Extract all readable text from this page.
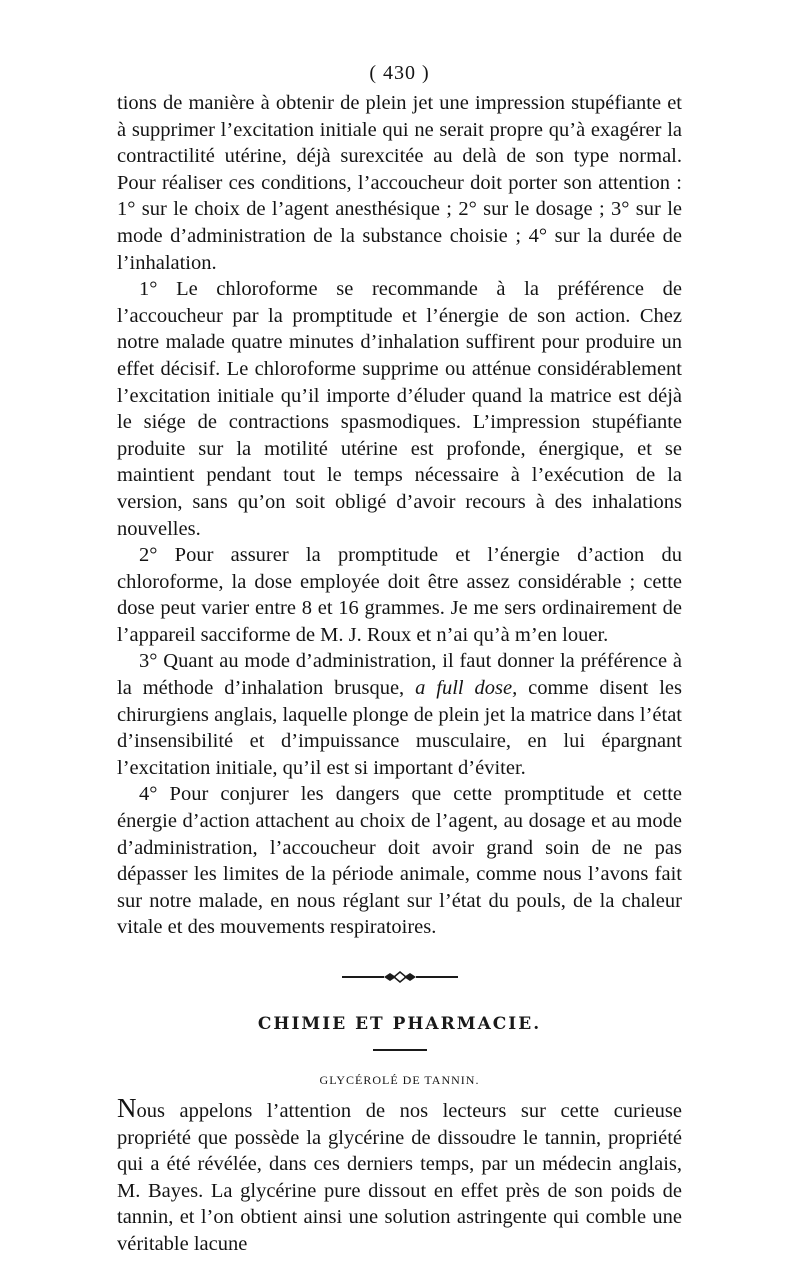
( 430 )

tions de manière à obtenir de plein jet une impression stupéfiante et à supprimer l’excitation initiale qui ne serait propre qu’à exagérer la contractilité utérine, déjà surexcitée au delà de son type normal. Pour réaliser ces conditions, l’accoucheur doit porter son attention : 1° sur le choix de l’agent anesthésique ; 2° sur le dosage ; 3° sur le mode d’administration de la substance choisie ; 4° sur la durée de l’inhalation.

1° Le chloroforme se recommande à la préférence de l’accoucheur par la promptitude et l’énergie de son action. Chez notre malade quatre minutes d’inhalation suffirent pour produire un effet décisif. Le chloroforme supprime ou atténue considérablement l’excitation initiale qu’il importe d’éluder quand la matrice est déjà le siége de contractions spasmodiques. L’impression stupéfiante produite sur la motilité utérine est profonde, énergique, et se maintient pendant tout le temps nécessaire à l’exécution de la version, sans qu’on soit obligé d’avoir recours à des inhalations nouvelles.

2° Pour assurer la promptitude et l’énergie d’action du chloroforme, la dose employée doit être assez considérable ; cette dose peut varier entre 8 et 16 grammes. Je me sers ordinairement de l’appareil sacciforme de M. J. Roux et n’ai qu’à m’en louer.

3° Quant au mode d’administration, il faut donner la préférence à la méthode d’inhalation brusque, a full dose, comme disent les chirurgiens anglais, laquelle plonge de plein jet la matrice dans l’état d’insensibilité et d’impuissance musculaire, en lui épargnant l’excitation initiale, qu’il est si important d’éviter.

4° Pour conjurer les dangers que cette promptitude et cette énergie d’action attachent au choix de l’agent, au dosage et au mode d’administration, l’accoucheur doit avoir grand soin de ne pas dépasser les limites de la période animale, comme nous l’avons fait sur notre malade, en nous réglant sur l’état du pouls, de la chaleur vitale et des mouvements respiratoires.

CHIMIE ET PHARMACIE.
GLYCÉROLÉ DE TANNIN.

Nous appelons l’attention de nos lecteurs sur cette curieuse propriété que possède la glycérine de dissoudre le tannin, propriété qui a été révélée, dans ces derniers temps, par un médecin anglais, M. Bayes. La glycérine pure dissout en effet près de son poids de tannin, et l’on obtient ainsi une solution astringente qui comble une véritable lacune
